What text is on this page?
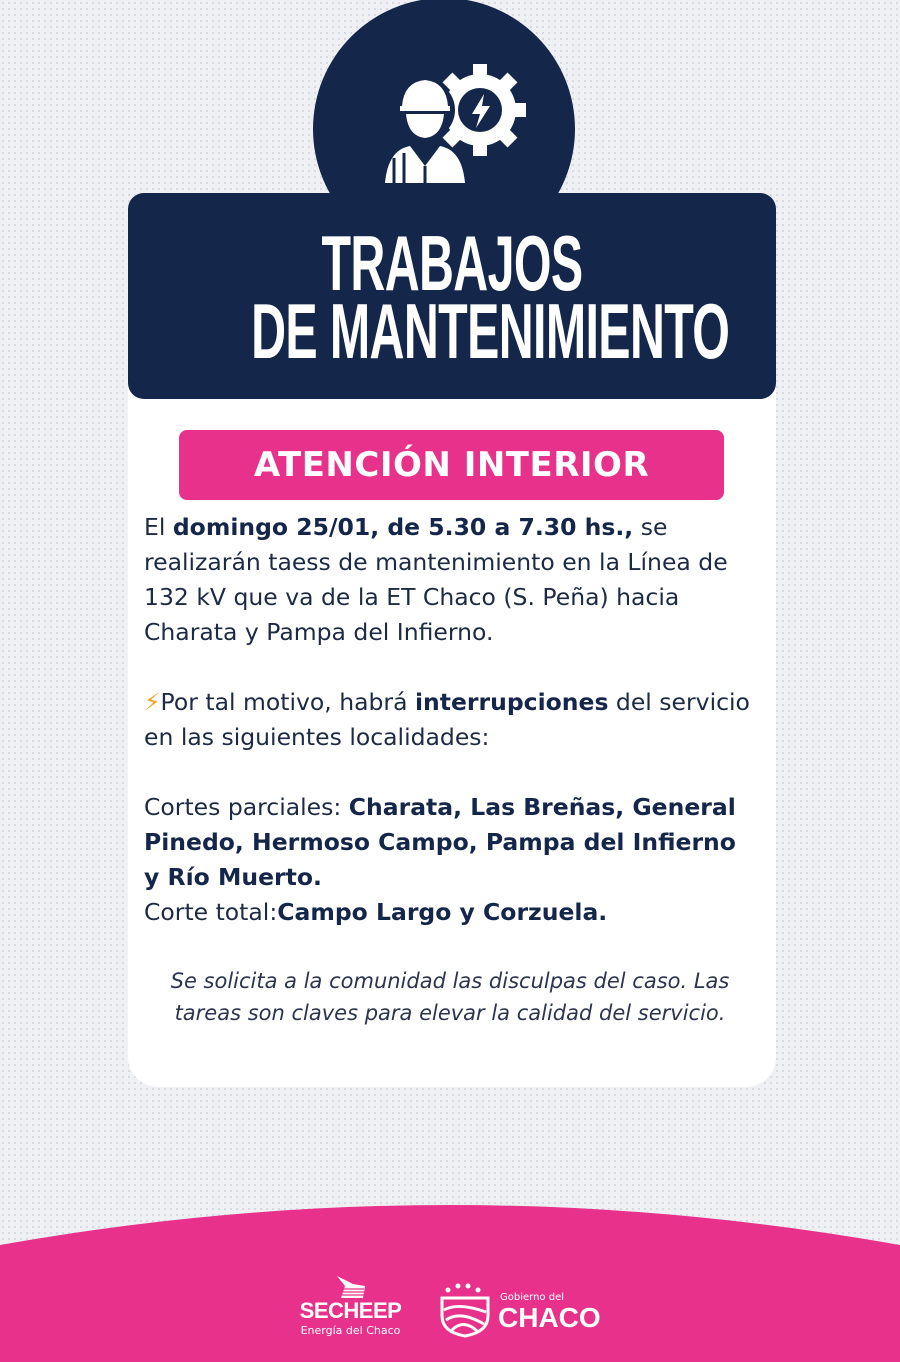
TRABAJOS
DE MANTENIMIENTO
ATENCIÓN INTERIOR

El domingo 25/01, de 5.30 a 7.30 hs., se realizarán taess de mantenimiento en la Línea de 132 kV que va de la ET Chaco (S. Peña) hacia Charata y Pampa del Infierno.

⚡Por tal motivo, habrá interrupciones del servicio en las siguientes localidades:

Cortes parciales: Charata, Las Breñas, General Pinedo, Hermoso Campo, Pampa del Infierno y Río Muerto.

Corte total:Campo Largo y Corzuela.

Se solicita a la comunidad las disculpas del caso. Las tareas son claves para elevar la calidad del servicio.
SECHEEP
Energía del Chaco
Gobierno del
CHACO
